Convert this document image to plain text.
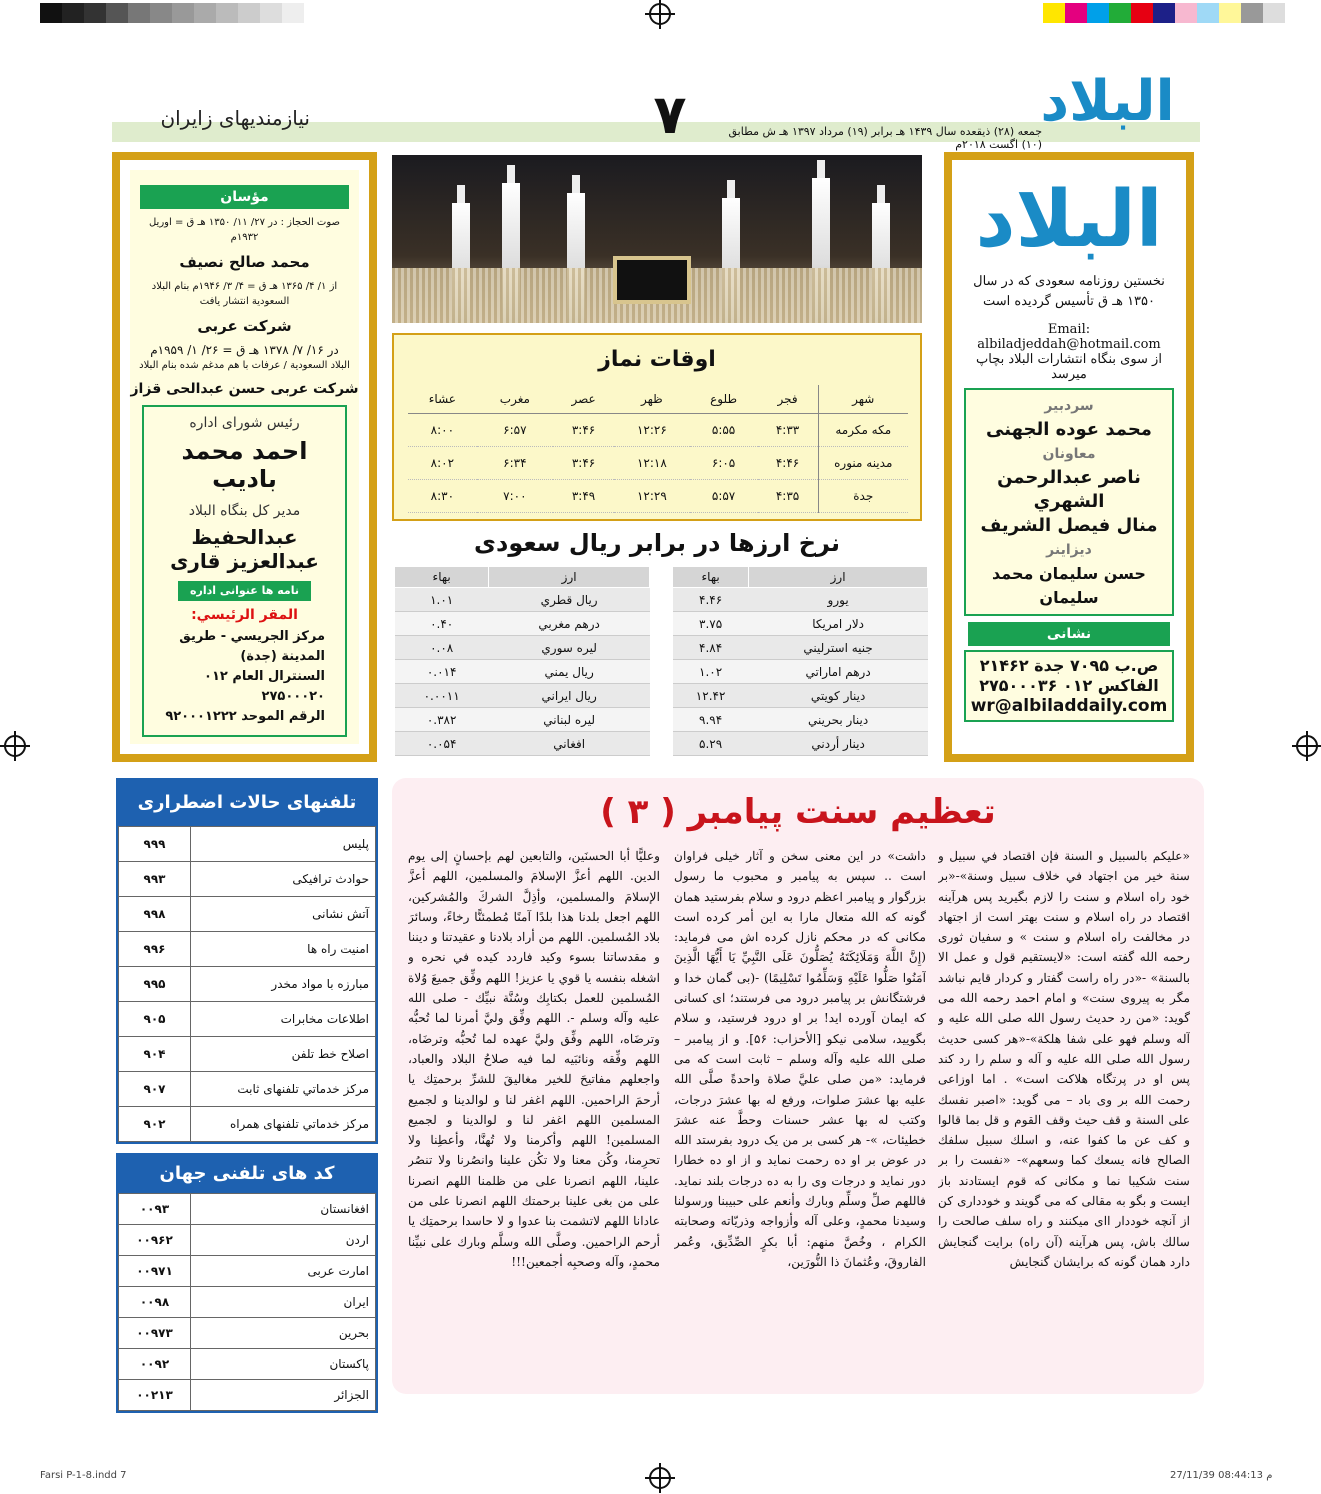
البلاد
جمعه (۲۸) ذيقعده سال ۱۴۳۹ هـ برابر (۱۹) مرداد ۱۳۹۷ هـ ش مطابق (۱۰) اگست ۲۰۱۸م
۷
نیازمندیهای زایران
مؤسان
صوت الحجاز : در ۲۷/ ۱۱/ ۱۳۵۰ هـ ق = اوريل ۱۹۳۲م
محمد صالح نصيف
از ۱/ ۴/ ۱۳۶۵ هـ ق = ۴/ ۳/ ۱۹۴۶م بنام البلاد السعودية انتشار يافت
شركت عربی
در ۱۶/ ۷/ ۱۳۷۸ هـ ق = ۲۶/ ۱/ ۱۹۵۹م
البلاد السعودية / عرفات با هم مدغم شده بنام البلاد
شركت عربى حسن عبدالحى قزاز
رئيس شوراى اداره
احمد محمد باديب
مدير كل بنگاه البلاد
عبدالحفيظ عبدالعزيز قارى
نامه ها عنوانى اداره
المقر الرئيسي:
مركز الجريسي - طريق المدينة (جدة)
السنترال العام ۰۱۲ ۲۷۵۰۰۰۲۰
الرقم الموحد ۹۲۰۰۰۱۲۲۲
اوقات نماز
شهر	فجر	طلوع	ظهر	عصر	مغرب	عشاء
مكه مكرمه	۴:۳۳	۵:۵۵	۱۲:۲۶	۳:۴۶	۶:۵۷	۸:۰۰
مدينه منوره	۴:۴۶	۶:۰۵	۱۲:۱۸	۳:۴۶	۶:۳۴	۸:۰۲
جدة	۴:۳۵	۵:۵۷	۱۲:۲۹	۳:۴۹	۷:۰۰	۸:۳۰
نرخ ارزها در برابر ريال سعودى
ارز	بهاء
يورو	۴.۴۶
دلار امريكا	۳.۷۵
جنيه استرليني	۴.۸۴
درهم اماراتي	۱.۰۲
دينار كويتي	۱۲.۴۲
دينار بحريني	۹.۹۴
دينار أردني	۵.۲۹
ارز	بهاء
ريال قطري	۱.۰۱
درهم مغربي	۰.۴۰
ليره سوري	۰.۰۸
ريال يمني	۰.۰۱۴
ريال ايراني	۰.۰۰۱۱
ليره لبناني	۰.۳۸۲
افغاني	۰.۰۵۴
البلاد
نخستين روزنامه سعودى كه در سال ۱۳۵۰ هـ ق تأسيس گرديده است
Email: albiladjeddah@hotmail.com
از سوى بنگاه انتشارات البلاد بچاپ ميرسد
سردبير
محمد عوده الجهنى
معاونان
ناصر عبدالرحمن الشهري
منال فيصل الشريف
ديزاينر
حسن سليمان محمد سليمان
نشانى
ص.ب ۷۰۹۵ جدة ۲۱۴۶۲
الفاكس ۰۱۲ ۲۷۵۰۰۰۳۶
wr@albiladdaily.com
تلفنهاى حالات اضطرارى
پليس	۹۹۹
حوادث ترافيكى	۹۹۳
آتش نشانى	۹۹۸
امنيت راه ها	۹۹۶
مبارزه با مواد مخدر	۹۹۵
اطلاعات مخابرات	۹۰۵
اصلاح خط تلفن	۹۰۴
مركز خدماتي تلفنهاى ثابت	۹۰۷
مركز خدماتي تلفنهاى همراه	۹۰۲
كد هاى تلفنى جهان
افغانستان	۰۰۹۳
اردن	۰۰۹۶۲
امارت عربی	۰۰۹۷۱
ايران	۰۰۹۸
بحرين	۰۰۹۷۳
پاكستان	۰۰۹۲
الجزائر	۰۰۲۱۳
تعظيم سنت پيامبر ( ۳ )
«عليكم بالسبيل و السنة فإن اقتصاد في سبيل و سنة خير من اجتهاد في خلاف سبيل وسنة»-«بر خود راه اسلام و سنت را لازم بگيريد پس هرآينه اقتصاد در راه اسلام و سنت بهتر است از اجتهاد در مخالفت راه اسلام و سنت » و سفيان ثورى رحمه الله گفته است: «لايستقيم قول و عمل الا بالسنة» -«در راه راست گفتار و كردار قايم نباشد مگر به پيروى سنت» و امام احمد رحمه الله مى گويد: «من رد حديث رسول الله صلى الله عليه و آله وسلم فهو على شفا هلكة»-«هر كسى حديث رسول الله صلى الله عليه و آله و سلم را رد كند پس او در پرتگاه هلاكت است» . اما اوزاعى رحمت الله بر وى باد – مى گويد: «اصبر نفسك على السنة و قف حيث وقف القوم و قل بما قالوا و كف عن ما كفوا عنه، و اسلك سبيل سلفك الصالح فانه يسعك كما وسعهم»- «نفست را بر سنت شكيبا نما و مكانى كه قوم ايستادند باز ايست و بگو به مقالى كه مى گويند و خوددارى كن از آنچه خوددار ااى ميكنند و راه سلف صالحت را سالك باش، پس هرآينه (آن راه) برايت گنجايش دارد همان گونه كه برايشان گنجايش
داشت» در اين معنى سخن و آثار خيلى فراوان است .. سپس به پيامبر و محبوب ما رسول بزرگوار و پيامبر اعظم درود و سلام بفرستيد همان گونه كه الله متعال مارا به اين أمر كرده است مكانى كه در محكم نازل كرده اش مى فرمايد: (إِنَّ اللَّهَ وَمَلَائِكَتَهُ يُصَلُّونَ عَلَى النَّبِيِّ يَا أَيُّهَا الَّذِينَ آمَنُوا صَلُّوا عَلَيْهِ وَسَلِّمُوا تَسْلِيمًا) -(بى گمان خدا و فرشتگانش بر پيامبر درود مى فرستند؛ اى كسانى كه ايمان آورده ايد! بر او درود فرستيد، و سلام بگوييد، سلامى نيكو [الأحزاب: ۵۶]. و از پيامبر – صلى الله عليه وآله وسلم – ثابت است كه مى فرمايد: «من صلى عليَّ صلاة واحدةً صلَّى الله عليه بها عشرَ صلوات، ورفع له بها عشرَ درجات، وكتب له بها عشر حسنات وحطَّ عنه عشرَ خطيئات، »- هر كسى بر من يک درود بفرستد الله در عوض بر او ده رحمت نمايد و از او ده خطارا دور نمايد و درجات وى را به ده درجات بلند نمايد. فاللهم صلِّ وسلِّم وبارك وأنعم على حبيبنا ورسولنا وسيدنا محمدٍ، وعلى آله وأزواجه وذريّاته وصحابته الكرام ، وخُصَّ منهم: أبا بكرٍ الصِّدِّيق، وعُمر الفاروقَ، وعُثمانَ ذا النُّورَين،
وعليًّا أبا الحسنَين، والتابعين لهم بإحسانٍ إلى يوم الدين. اللهم أعزَّ الإسلامَ والمسلمين، اللهم أعزَّ الإسلامَ والمسلمين، وأذِلَّ الشركَ والمُشركين، اللهم اجعل بلدنا هذا بلدًا آمنًا مُطمئنًّا رخاءً، وسائرَ بلاد المُسلمين. اللهم من أراد بلادنا و عقيدتنا و ديننا و مقدساتنا بسوء وكيد فاردد كيده في نحره و اشغله بنفسه يا قوي يا عزيز! اللهم وفِّق جميعَ وُلاة المُسلمين للعمل بكتابِك وسُنَّة نبيِّك - صلى الله عليه وآله وسلم -. اللهم وفِّق وليَّ أمرنا لما تُحبُّه وترضَاه، اللهم وفِّق وليَّ عهده لما تُحبُّه وترضَاه، اللهم وفِّقه ونائبَيه لما فيه صلاحُ البلاد والعباد، واجعلهم مفاتيحَ للخير مغاليقَ للشرِّ برحمتِك يا أرحمَ الراحمين. اللهم اغفر لنا و لوالدينا و لجميع المسلمين اللهم اغفر لنا و لوالدينا و لجميع المسلمين! اللهم وأكرمنا ولا تُهنَّا، وأعطِنا ولا تحرِمنا، وكُن معنا ولا تكُن علينا وانصُرنا ولا تنصُر علينا، اللهم انصرنا على من ظلمنا اللهم انصرنا على من بغى علينا برحمتك اللهم انصرنا على من عادانا اللهم لاتشمت بنا عدوا و لا حاسدا برحمتِك يا أرحم الراحمين. وصلَّى الله وسلَّم وبارك على نبيِّنا محمدٍ، وآله وصحبِه أجمعين!!!
Farsi P-1-8.indd 7	27/11/39 08:44:13 م
